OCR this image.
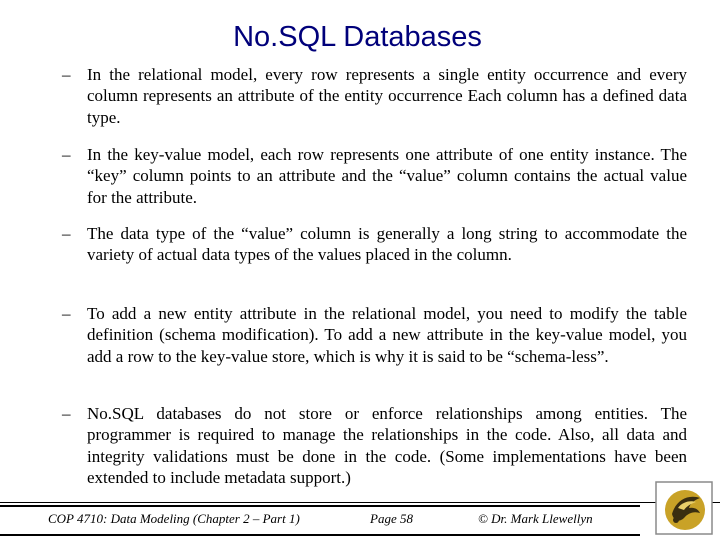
No.SQL Databases
– In the relational model, every row represents a single entity occurrence and every column represents an attribute of the entity occurrence Each column has a defined data type.
– In the key-value model, each row represents one attribute of one entity instance. The “key” column points to an attribute and the “value” column contains the actual value for the attribute.
– The data type of the “value” column is generally a long string to accommodate the variety of actual data types of the values placed in the column.
– To add a new entity attribute in the relational model, you need to modify the table definition (schema modification). To add a new attribute in the key-value model, you add a row to the key-value store, which is why it is said to be “schema-less”.
– No.SQL databases do not store or enforce relationships among entities. The programmer is required to manage the relationships in the code. Also, all data and integrity validations must be done in the code. (Some implementations have been extended to include metadata support.)
COP 4710: Data Modeling (Chapter 2 – Part 1)	Page 58	© Dr. Mark Llewellyn
